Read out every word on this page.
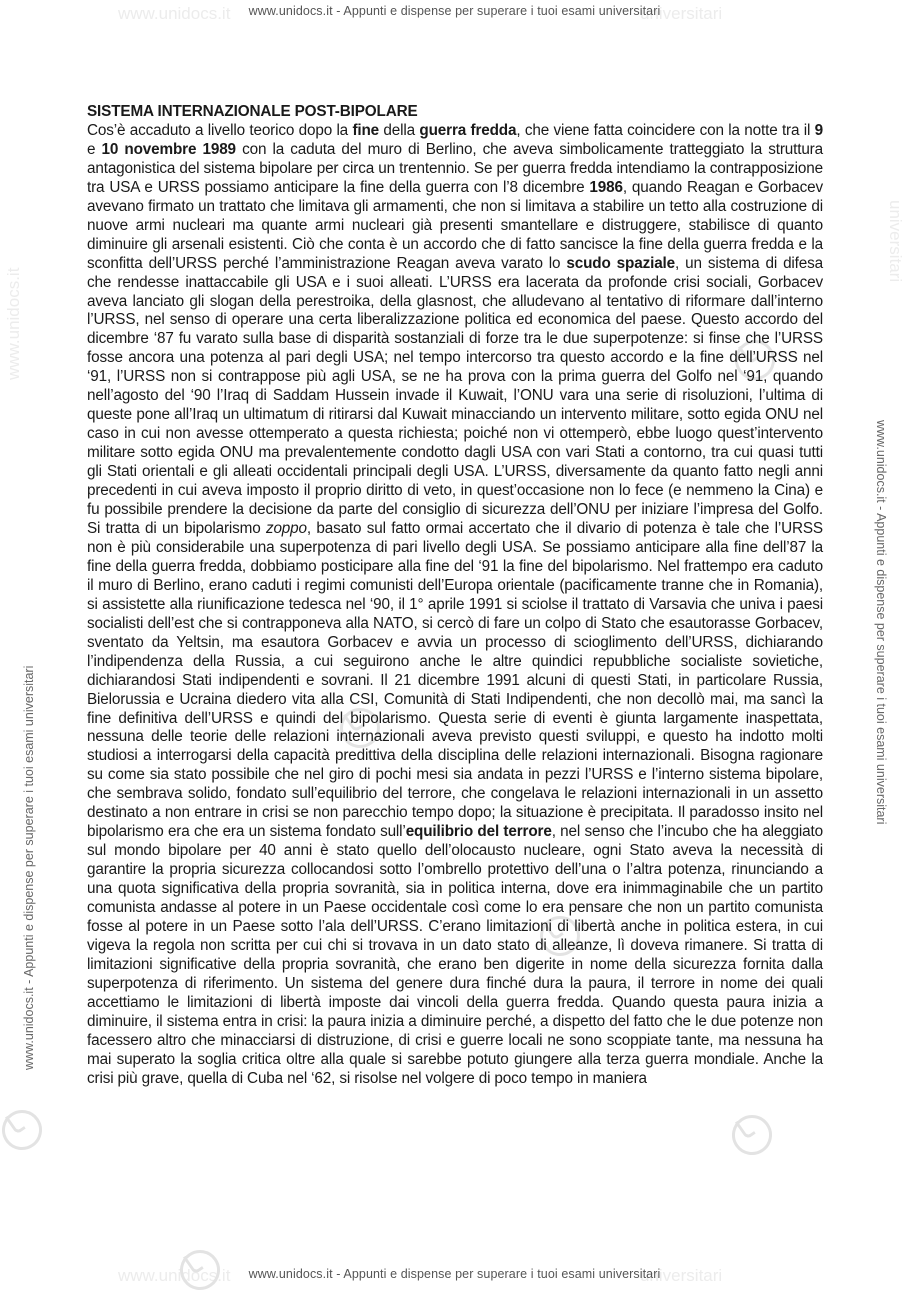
www.unidocs.it	universitari
www.unidocs.it	universitari
www.unidocs.it
universitari
www.unidocs.it - Appunti e dispense per superare i tuoi esami universitari
www.unidocs.it - Appunti e dispense per superare i tuoi esami universitari
www.unidocs.it - Appunti e dispense per superare i tuoi esami universitari
www.unidocs.it - Appunti e dispense per superare i tuoi esami universitari
SISTEMA INTERNAZIONALE POST-BIPOLARE

Cos’è accaduto a livello teorico dopo la fine della guerra fredda, che viene fatta coincidere con la notte tra il 9 e 10 novembre 1989 con la caduta del muro di Berlino, che aveva simbolicamente tratteggiato la struttura antagonistica del sistema bipolare per circa un trentennio. Se per guerra fredda intendiamo la contrapposizione tra USA e URSS possiamo anticipare la fine della guerra con l’8 dicembre 1986, quando Reagan e Gorbacev avevano firmato un trattato che limitava gli armamenti, che non si limitava a stabilire un tetto alla costruzione di nuove armi nucleari ma quante armi nucleari già presenti smantellare e distruggere, stabilisce di quanto diminuire gli arsenali esistenti. Ciò che conta è un accordo che di fatto sancisce la fine della guerra fredda e la sconfitta dell’URSS perché l’amministrazione Reagan aveva varato lo scudo spaziale, un sistema di difesa che rendesse inattaccabile gli USA e i suoi alleati. L’URSS era lacerata da profonde crisi sociali, Gorbacev aveva lanciato gli slogan della perestroika, della glasnost, che alludevano al tentativo di riformare dall’interno l’URSS, nel senso di operare una certa liberalizzazione politica ed economica del paese. Questo accordo del dicembre ‘87 fu varato sulla base di disparità sostanziali di forze tra le due superpotenze: si finse che l’URSS fosse ancora una potenza al pari degli USA; nel tempo intercorso tra questo accordo e la fine dell’URSS nel ‘91, l’URSS non si contrappose più agli USA, se ne ha prova con la prima guerra del Golfo nel ‘91, quando nell’agosto del ‘90 l’Iraq di Saddam Hussein invade il Kuwait, l’ONU vara una serie di risoluzioni, l’ultima di queste pone all’Iraq un ultimatum di ritirarsi dal Kuwait minacciando un intervento militare, sotto egida ONU nel caso in cui non avesse ottemperato a questa richiesta; poiché non vi ottemperò, ebbe luogo quest’intervento militare sotto egida ONU ma prevalentemente condotto dagli USA con vari Stati a contorno, tra cui quasi tutti gli Stati orientali e gli alleati occidentali principali degli USA. L’URSS, diversamente da quanto fatto negli anni precedenti in cui aveva imposto il proprio diritto di veto, in quest’occasione non lo fece (e nemmeno la Cina) e fu possibile prendere la decisione da parte del consiglio di sicurezza dell’ONU per iniziare l’impresa del Golfo. Si tratta di un bipolarismo zoppo, basato sul fatto ormai accertato che il divario di potenza è tale che l’URSS non è più considerabile una superpotenza di pari livello degli USA. Se possiamo anticipare alla fine dell’87 la fine della guerra fredda, dobbiamo posticipare alla fine del ‘91 la fine del bipolarismo. Nel frattempo era caduto il muro di Berlino, erano caduti i regimi comunisti dell’Europa orientale (pacificamente tranne che in Romania), si assistette alla riunificazione tedesca nel ‘90, il 1° aprile 1991 si sciolse il trattato di Varsavia che univa i paesi socialisti dell’est che si contrapponeva alla NATO, si cercò di fare un colpo di Stato che esautorasse Gorbacev, sventato da Yeltsin, ma esautora Gorbacev e avvia un processo di scioglimento dell’URSS, dichiarando l’indipendenza della Russia, a cui seguirono anche le altre quindici repubbliche socialiste sovietiche, dichiarandosi Stati indipendenti e sovrani. Il 21 dicembre 1991 alcuni di questi Stati, in particolare Russia, Bielorussia e Ucraina diedero vita alla CSI, Comunità di Stati Indipendenti, che non decollò mai, ma sancì la fine definitiva dell’URSS e quindi del bipolarismo. Questa serie di eventi è giunta largamente inaspettata, nessuna delle teorie delle relazioni internazionali aveva previsto questi sviluppi, e questo ha indotto molti studiosi a interrogarsi della capacità predittiva della disciplina delle relazioni internazionali. Bisogna ragionare su come sia stato possibile che nel giro di pochi mesi sia andata in pezzi l’URSS e l’interno sistema bipolare, che sembrava solido, fondato sull’equilibrio del terrore, che congelava le relazioni internazionali in un assetto destinato a non entrare in crisi se non parecchio tempo dopo; la situazione è precipitata. Il paradosso insito nel bipolarismo era che era un sistema fondato sull’equilibrio del terrore, nel senso che l’incubo che ha aleggiato sul mondo bipolare per 40 anni è stato quello dell’olocausto nucleare, ogni Stato aveva la necessità di garantire la propria sicurezza collocandosi sotto l’ombrello protettivo dell’una o l’altra potenza, rinunciando a una quota significativa della propria sovranità, sia in politica interna, dove era inimmaginabile che un partito comunista andasse al potere in un Paese occidentale così come lo era pensare che non un partito comunista fosse al potere in un Paese sotto l’ala dell’URSS. C’erano limitazioni di libertà anche in politica estera, in cui vigeva la regola non scritta per cui chi si trovava in un dato stato di alleanze, lì doveva rimanere. Si tratta di limitazioni significative della propria sovranità, che erano ben digerite in nome della sicurezza fornita dalla superpotenza di riferimento. Un sistema del genere dura finché dura la paura, il terrore in nome dei quali accettiamo le limitazioni di libertà imposte dai vincoli della guerra fredda. Quando questa paura inizia a diminuire, il sistema entra in crisi: la paura inizia a diminuire perché, a dispetto del fatto che le due potenze non facessero altro che minacciarsi di distruzione, di crisi e guerre locali ne sono scoppiate tante, ma nessuna ha mai superato la soglia critica oltre alla quale si sarebbe potuto giungere alla terza guerra mondiale. Anche la crisi più grave, quella di Cuba nel ‘62, si risolse nel volgere di poco tempo in maniera
